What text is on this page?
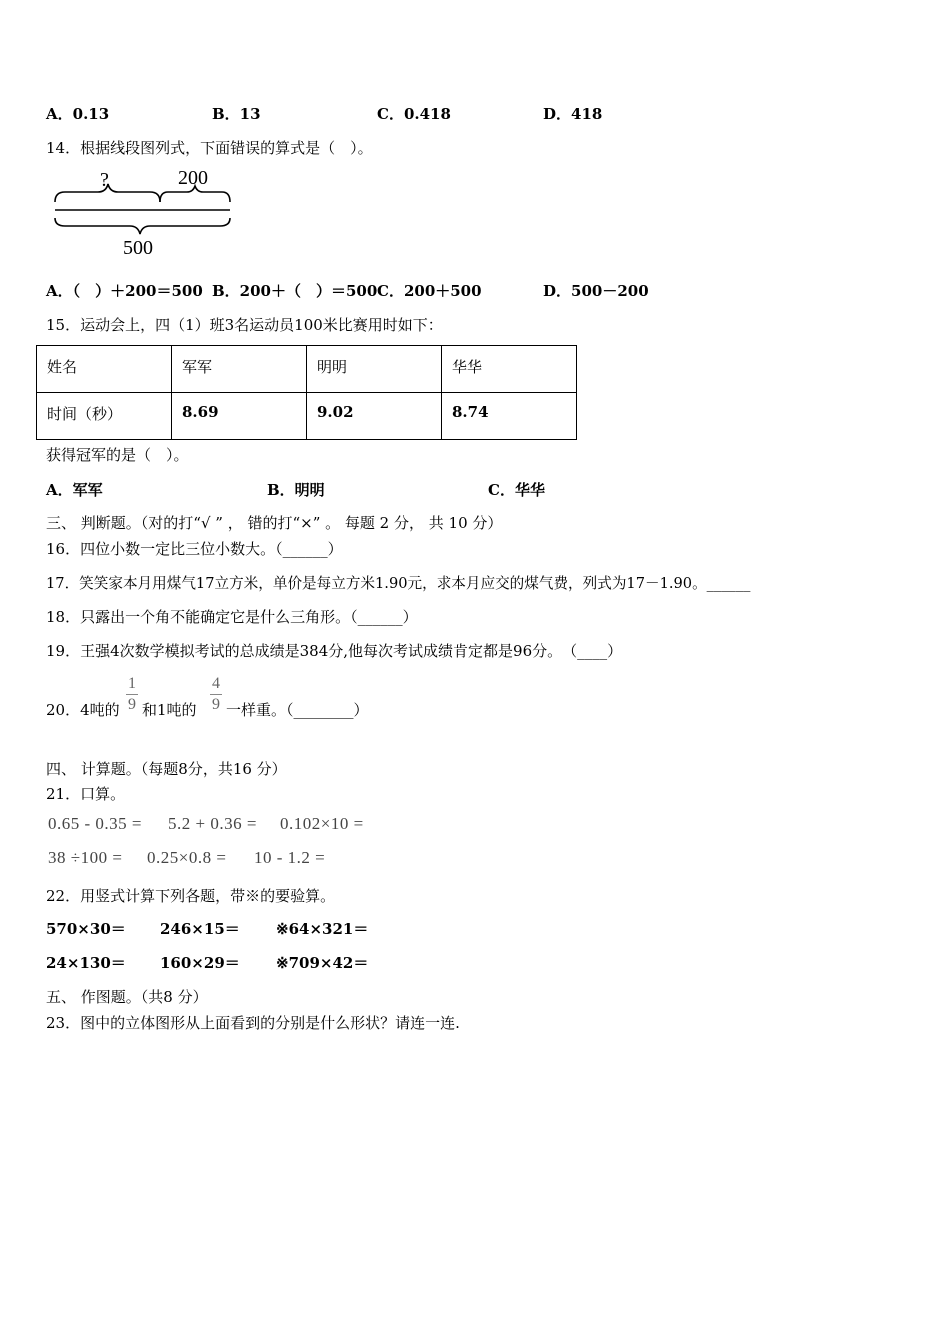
A．0.13	B．13	C．0.418	D．418
14．根据线段图列式，下面错误的算式是（　）。
?	200
500
A．（　）＋200＝500 B．200＋（　）＝500 C．200＋500	D．500－200
15．运动会上，四（1）班3名运动员100米比赛用时如下：
姓名	军军	明明	华华
时间（秒）	8.69	9.02	8.74
获得冠军的是（　）。
A．军军	B．明明	C．华华
三、 判断题。（对的打“√ ” ， 错的打“×” 。 每题 2 分， 共 10 分）
16．四位小数一定比三位小数大。（______）
17．笑笑家本月用煤气17立方米，单价是每立方米1.90元，求本月应交的煤气费，列式为17－1.90。______
18．只露出一个角不能确定它是什么三角形。（______）
19．王强4次数学模拟考试的总成绩是384分,他每次考试成绩肯定都是96分。　（____）
20．4吨的
1
9 和1吨的
4
9 一样重。（________）
四、 计算题。（每题8分，共16 分）
21．口算。
0.65 - 0.35 = 5.2 + 0.36 = 0.102×10 =
38 ÷100 = 0.25×0.8 = 10 - 1.2 =
22．用竖式计算下列各题，带※的要验算。
570×30＝ 246×15＝ ※64×321＝
24×130＝ 160×29＝ ※709×42＝
五、 作图题。（共8 分）
23．图中的立体图形从上面看到的分别是什么形状？请连一连.
